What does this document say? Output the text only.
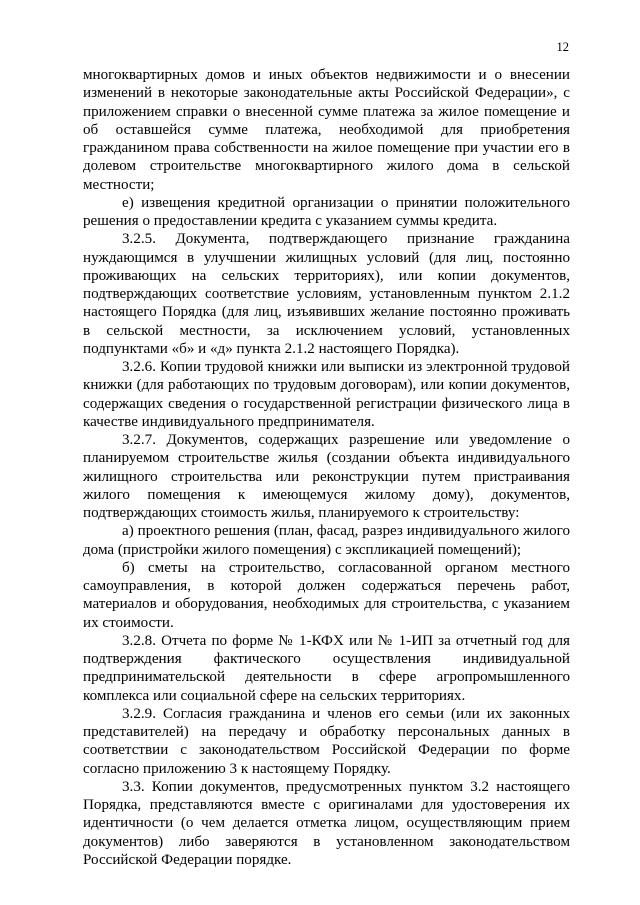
12

многоквартирных домов и иных объектов недвижимости и о внесении изменений в некоторые законодательные акты Российской Федерации», с приложением справки о внесенной сумме платежа за жилое помещение и об оставшейся сумме платежа, необходимой для приобретения гражданином права собственности на жилое помещение при участии его в долевом строительстве многоквартирного жилого дома в сельской местности;

е) извещения кредитной организации о принятии положительного решения о предоставлении кредита с указанием суммы кредита.

3.2.5. Документа, подтверждающего признание гражданина нуждающимся в улучшении жилищных условий (для лиц, постоянно проживающих на сельских территориях), или копии документов, подтверждающих соответствие условиям, установленным пунктом 2.1.2 настоящего Порядка (для лиц, изъявивших желание постоянно проживать в сельской местности, за исключением условий, установленных подпунктами «б» и «д» пункта 2.1.2 настоящего Порядка).

3.2.6. Копии трудовой книжки или выписки из электронной трудовой книжки (для работающих по трудовым договорам), или копии документов, содержащих сведения о государственной регистрации физического лица в качестве индивидуального предпринимателя.

3.2.7. Документов, содержащих разрешение или уведомление о планируемом строительстве жилья (создании объекта индивидуального жилищного строительства или реконструкции путем пристраивания жилого помещения к имеющемуся жилому дому), документов, подтверждающих стоимость жилья, планируемого к строительству:

а) проектного решения (план, фасад, разрез индивидуального жилого дома (пристройки жилого помещения) с экспликацией помещений);

б) сметы на строительство, согласованной органом местного самоуправления, в которой должен содержаться перечень работ, материалов и оборудования, необходимых для строительства, с указанием их стоимости.

3.2.8. Отчета по форме № 1-КФХ или № 1-ИП за отчетный год для подтверждения фактического осуществления индивидуальной предпринимательской деятельности в сфере агропромышленного комплекса или социальной сфере на сельских территориях.

3.2.9. Согласия гражданина и членов его семьи (или их законных представителей) на передачу и обработку персональных данных в соответствии с законодательством Российской Федерации по форме согласно приложению 3 к настоящему Порядку.

3.3. Копии документов, предусмотренных пунктом 3.2 настоящего Порядка, представляются вместе с оригиналами для удостоверения их идентичности (о чем делается отметка лицом, осуществляющим прием документов) либо заверяются в установленном законодательством Российской Федерации порядке.
